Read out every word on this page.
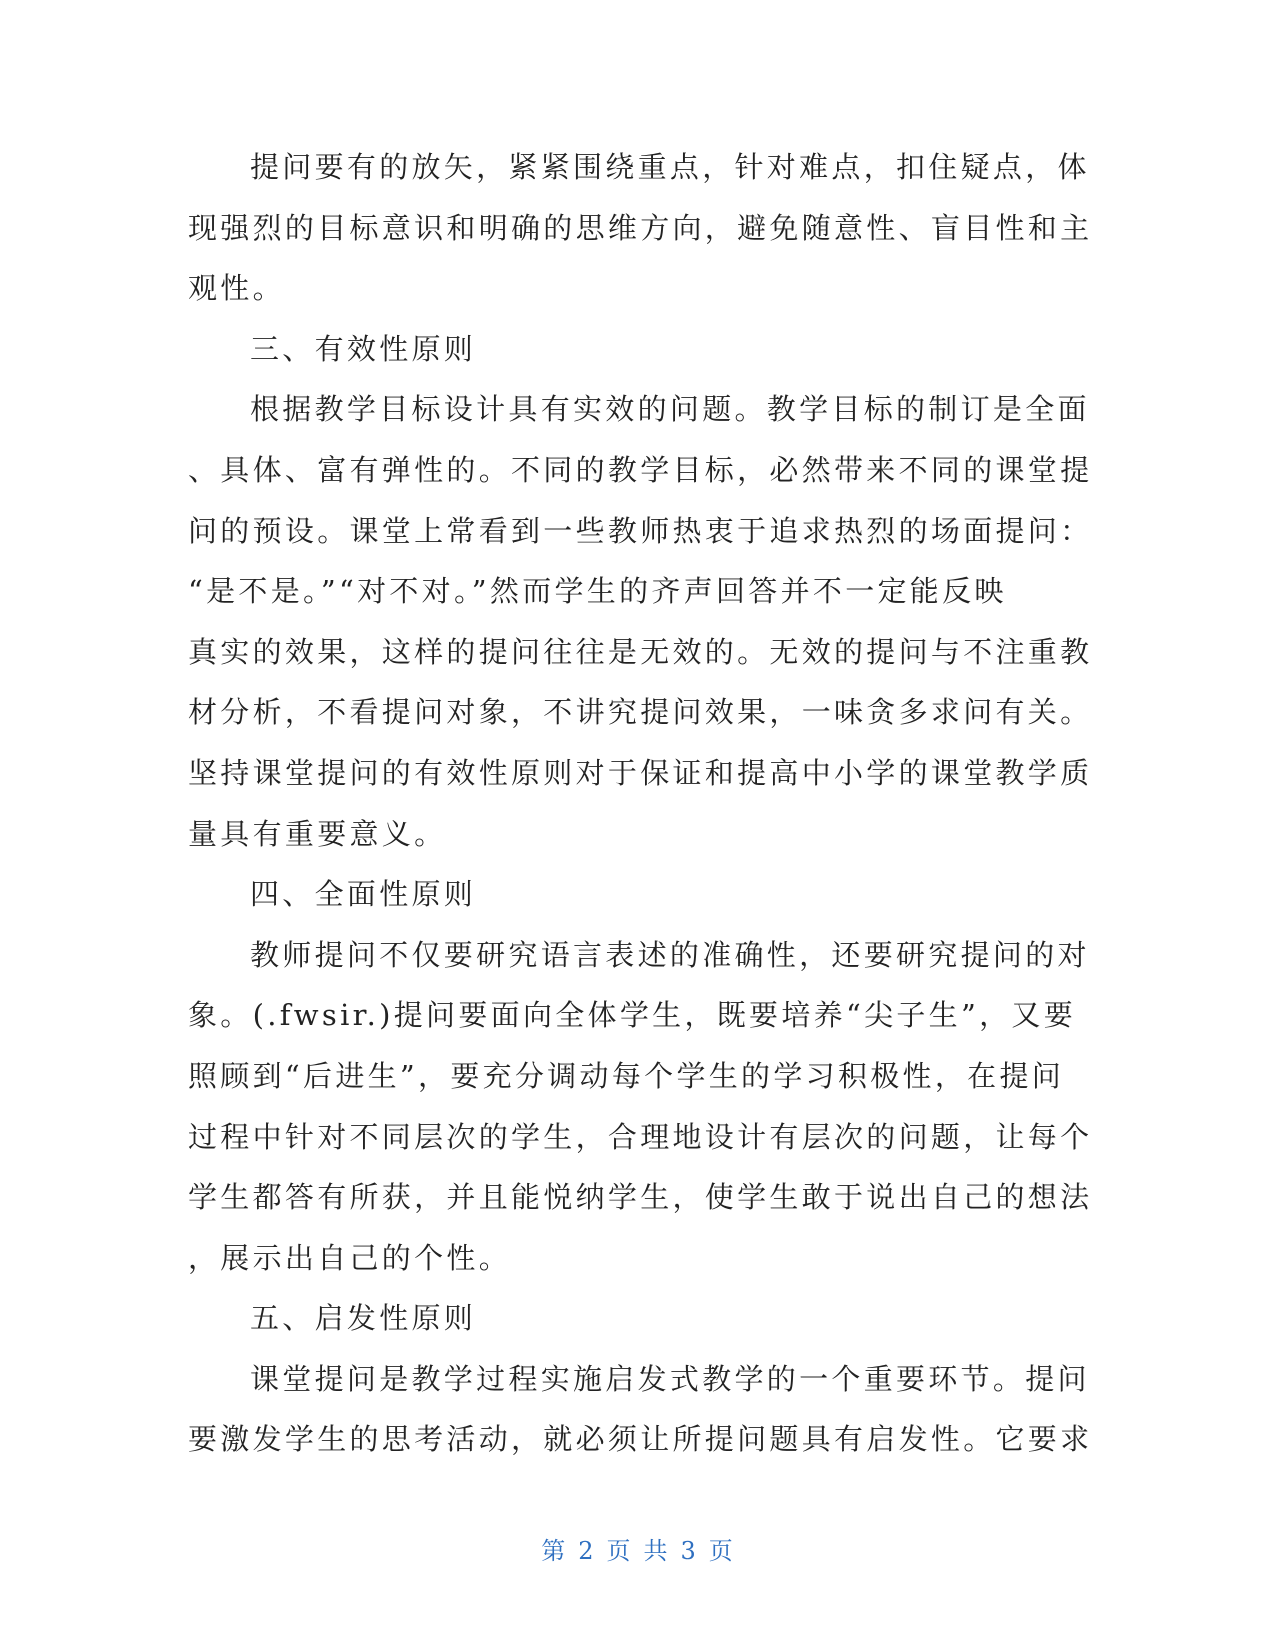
提问要有的放矢，紧紧围绕重点，针对难点，扣住疑点，体
现强烈的目标意识和明确的思维方向，避免随意性、盲目性和主
观性。
三、有效性原则
根据教学目标设计具有实效的问题。教学目标的制订是全面
、具体、富有弹性的。不同的教学目标，必然带来不同的课堂提
问的预设。课堂上常看到一些教师热衷于追求热烈的场面提问：
“是不是。”“对不对。”然而学生的齐声回答并不一定能反映
真实的效果，这样的提问往往是无效的。无效的提问与不注重教
材分析，不看提问对象，不讲究提问效果，一味贪多求问有关。
坚持课堂提问的有效性原则对于保证和提高中小学的课堂教学质
量具有重要意义。
四、全面性原则
教师提问不仅要研究语言表述的准确性，还要研究提问的对
象。(.fwsir.)提问要面向全体学生，既要培养“尖子生”，又要
照顾到“后进生”，要充分调动每个学生的学习积极性，在提问
过程中针对不同层次的学生，合理地设计有层次的问题，让每个
学生都答有所获，并且能悦纳学生，使学生敢于说出自己的想法
，展示出自己的个性。
五、启发性原则
课堂提问是教学过程实施启发式教学的一个重要环节。提问
要激发学生的思考活动，就必须让所提问题具有启发性。它要求
第 2 页 共 3 页
